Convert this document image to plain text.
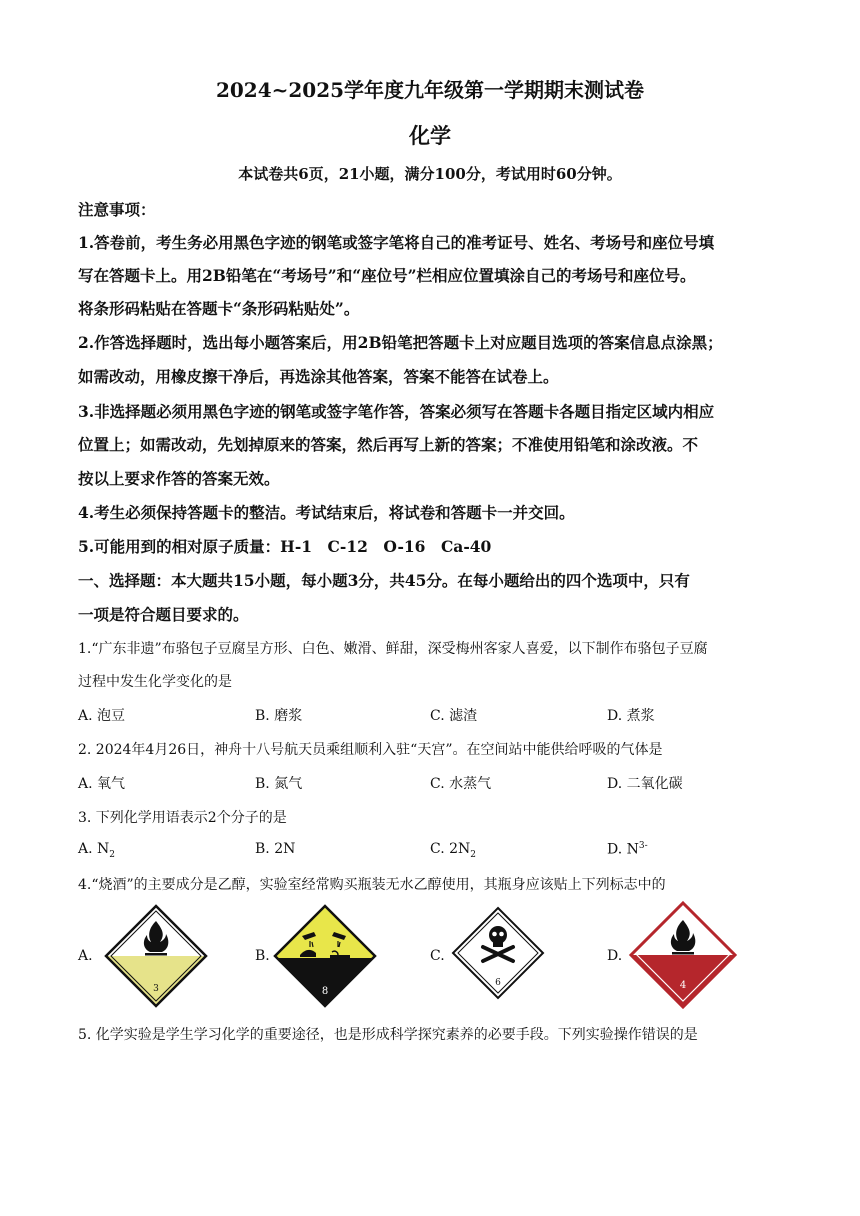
2024~2025学年度九年级第一学期期末测试卷
化学
本试卷共6页，21小题，满分100分，考试用时60分钟。
注意事项：
1.答卷前，考生务必用黑色字迹的钢笔或签字笔将自己的准考证号、姓名、考场号和座位号填
写在答题卡上。用2B铅笔在“考场号”和“座位号”栏相应位置填涂自己的考场号和座位号。
将条形码粘贴在答题卡“条形码粘贴处”。
2.作答选择题时，选出每小题答案后，用2B铅笔把答题卡上对应题目选项的答案信息点涂黑；
如需改动，用橡皮擦干净后，再选涂其他答案，答案不能答在试卷上。
3.非选择题必须用黑色字迹的钢笔或签字笔作答，答案必须写在答题卡各题目指定区域内相应
位置上；如需改动，先划掉原来的答案，然后再写上新的答案；不准使用铅笔和涂改液。不
按以上要求作答的答案无效。
4.考生必须保持答题卡的整洁。考试结束后，将试卷和答题卡一并交回。
5.可能用到的相对原子质量：H-1　C-12　O-16　Ca-40
一、选择题：本大题共15小题，每小题3分，共45分。在每小题给出的四个选项中，只有
一项是符合题目要求的。
1.“广东非遗”布骆包子豆腐呈方形、白色、嫩滑、鲜甜，深受梅州客家人喜爱，以下制作布骆包子豆腐
过程中发生化学变化的是
A. 泡豆	B. 磨浆	C. 滤渣	D. 煮浆
2. 2024年4月26日，神舟十八号航天员乘组顺利入驻“天宫”。在空间站中能供给呼吸的气体是
A. 氧气	B. 氮气	C. 水蒸气	D. 二氧化碳
3. 下列化学用语表示2个分子的是
A. $N_2$	B. 2N	C. $2N_2$	D. $N^{3-}$
4.“烧酒”的主要成分是乙醇，实验室经常购买瓶装无水乙醇使用，其瓶身应该贴上下列标志中的
A.
3
B.
8
C.
6
D.
4
5. 化学实验是学生学习化学的重要途径，也是形成科学探究素养的必要手段。下列实验操作错误的是
